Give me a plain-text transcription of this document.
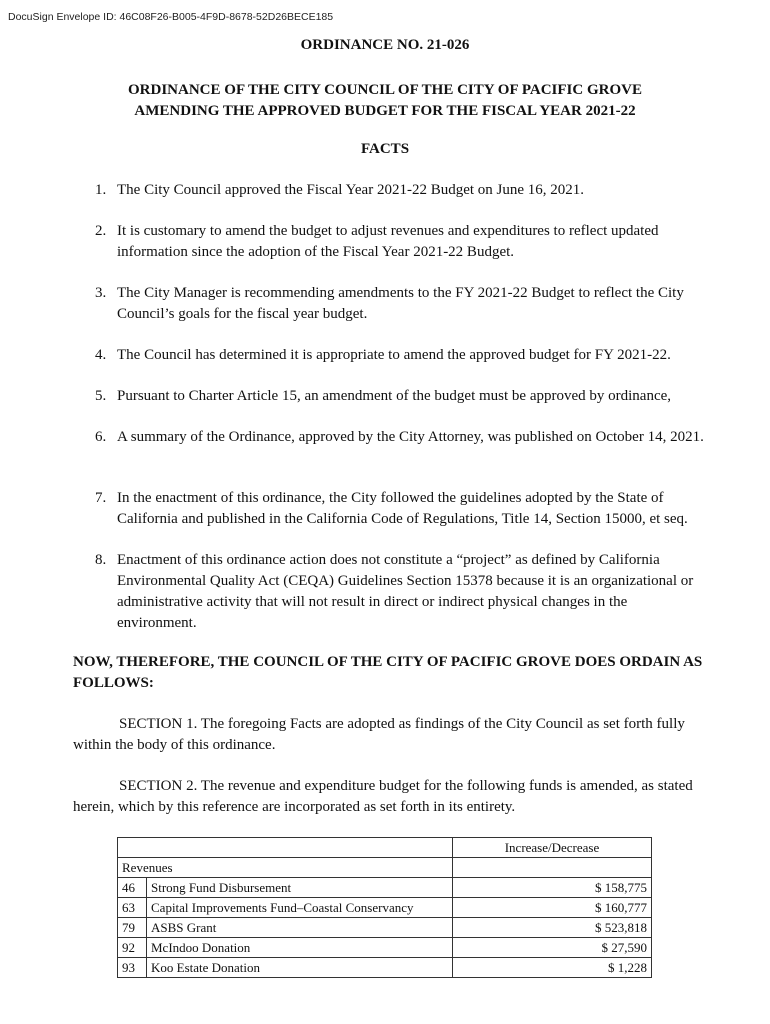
DocuSign Envelope ID: 46C08F26-B005-4F9D-8678-52D26BECE185
ORDINANCE NO. 21-026
ORDINANCE OF THE CITY COUNCIL OF THE CITY OF PACIFIC GROVE
AMENDING THE APPROVED BUDGET FOR THE FISCAL YEAR 2021-22
FACTS
1. The City Council approved the Fiscal Year 2021-22 Budget on June 16, 2021.
2. It is customary to amend the budget to adjust revenues and expenditures to reflect updated information since the adoption of the Fiscal Year 2021-22 Budget.
3. The City Manager is recommending amendments to the FY 2021-22 Budget to reflect the City Council’s goals for the fiscal year budget.
4. The Council has determined it is appropriate to amend the approved budget for FY 2021-22.
5. Pursuant to Charter Article 15, an amendment of the budget must be approved by ordinance,
6. A summary of the Ordinance, approved by the City Attorney, was published on October 14, 2021.
7. In the enactment of this ordinance, the City followed the guidelines adopted by the State of California and published in the California Code of Regulations, Title 14, Section 15000, et seq.
8. Enactment of this ordinance action does not constitute a “project” as defined by California Environmental Quality Act (CEQA) Guidelines Section 15378 because it is an organizational or administrative activity that will not result in direct or indirect physical changes in the environment.
NOW, THEREFORE, THE COUNCIL OF THE CITY OF PACIFIC GROVE DOES ORDAIN AS FOLLOWS:
SECTION 1. The foregoing Facts are adopted as findings of the City Council as set forth fully within the body of this ordinance.
SECTION 2. The revenue and expenditure budget for the following funds is amended, as stated herein, which by this reference are incorporated as set forth in its entirety.
		Increase/Decrease
Revenues		
46	Strong Fund Disbursement	$ 158,775
63	Capital Improvements Fund–Coastal Conservancy	$ 160,777
79	ASBS Grant	$ 523,818
92	McIndoo Donation	$ 27,590
93	Koo Estate Donation	$ 1,228
